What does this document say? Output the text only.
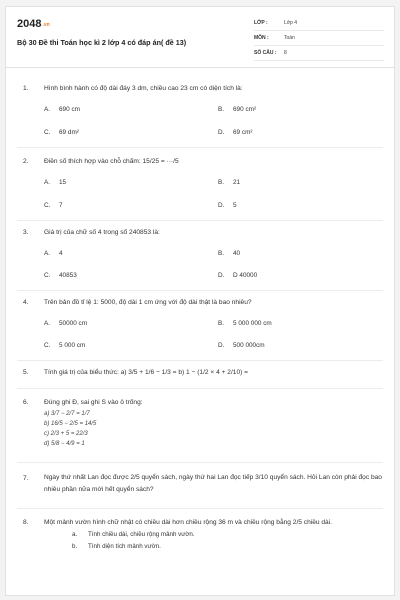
$2048^{.vn}$
Bộ 30 Đề thi Toán học kì 2 lớp 4 có đáp án( đề 13)
LỚP :	Lớp 4
MÔN :	Toán
SỐ CÂU : 8
1. Hình bình hành có độ dài đáy 3 dm, chiều cao 23 cm có diện tích là:
A. 690 cm	B. 690 cm²
C. 69 dm²	D. 69 cm²
2. Điền số thích hợp vào chỗ chấm: 15/25 = ···/5
A. 15	B. 21
C. 7	D. 5
3. Giá trị của chữ số 4 trong số 240853 là:
A. 4	B. 40
C. 40853	D. D 40000
4. Trên bản đồ tỉ lệ 1: 5000, độ dài 1 cm ứng với độ dài thật là bao nhiêu?
A. 50000 cm	B. 5 000 000 cm
C. 5 000 cm	D. 500 000cm
5. Tính giá trị của biểu thức: a) 3/5 + 1/6 − 1/3 = b) 1 − (1/2 × 4 + 2/10) =
6. Đúng ghi Đ, sai ghi S vào ô trống:
a) 3/7 − 2/7 = 1/7
b) 16/5 − 2/5 = 14/5
c) 2/3 + 5 = 22/3
d) 5/8 − 4/9 = 1
7. Ngày thứ nhất Lan đọc được 2/5 quyển sách, ngày thứ hai Lan đọc tiếp 3/10 quyển sách. Hỏi Lan còn phải đọc bao nhiêu phần nữa mới hết quyển sách?
8. Một mảnh vườn hình chữ nhật có chiều dài hơn chiều rộng 36 m và chiều rộng bằng 2/5 chiều dài.
a. Tính chiều dài, chiều rộng mảnh vườn.
b. Tính diện tích mảnh vườn.
